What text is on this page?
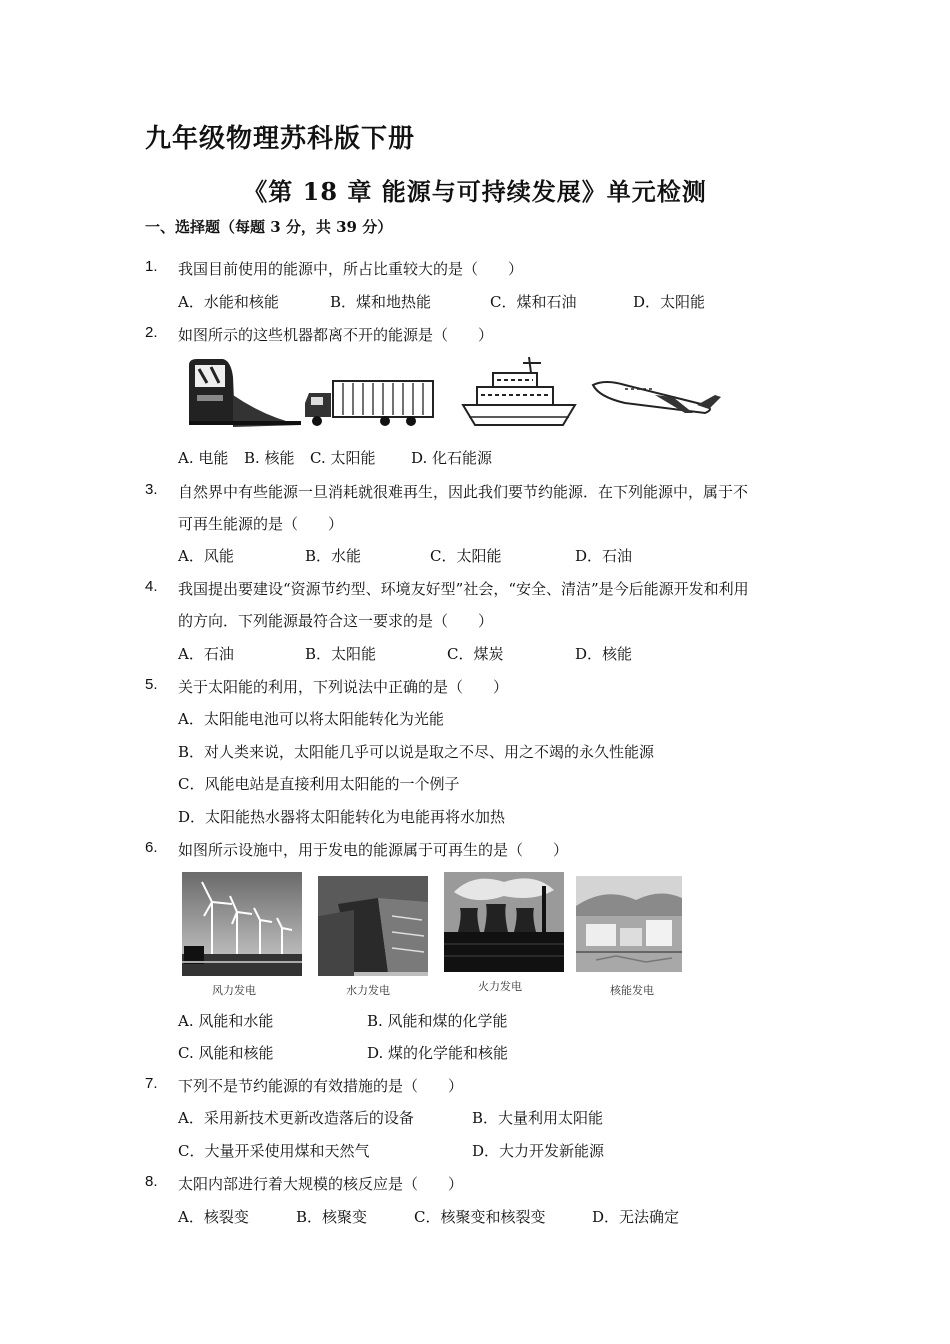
九年级物理苏科版下册
《第 18 章 能源与可持续发展》单元检测
一、选择题（每题 3 分，共 39 分）
1. 我国目前使用的能源中，所占比重较大的是（　　）
A．水能和核能	B．煤和地热能	C．煤和石油	D．太阳能
2. 如图所示的这些机器都离不开的能源是（　　）
A. 电能 B. 核能 C. 太阳能 D. 化石能源
3. 自然界中有些能源一旦消耗就很难再生，因此我们要节约能源．在下列能源中，属于不
可再生能源的是（　　）
A．风能	B．水能	C．太阳能	D．石油
4. 我国提出要建设“资源节约型、环境友好型”社会，“安全、清洁”是今后能源开发和利用
的方向．下列能源最符合这一要求的是（　　）
A．石油	B．太阳能	C．煤炭	D．核能
5. 关于太阳能的利用，下列说法中正确的是（　　）
A．太阳能电池可以将太阳能转化为光能
B．对人类来说，太阳能几乎可以说是取之不尽、用之不竭的永久性能源
C．风能电站是直接利用太阳能的一个例子
D．太阳能热水器将太阳能转化为电能再将水加热
6. 如图所示设施中，用于发电的能源属于可再生的是（　　）
风力发电	水力发电	火力发电	核能发电
A. 风能和水能	B. 风能和煤的化学能
C. 风能和核能	D. 煤的化学能和核能
7. 下列不是节约能源的有效措施的是（　　）
A．采用新技术更新改造落后的设备	B．大量利用太阳能
C．大量开采使用煤和天然气	D．大力开发新能源
8. 太阳内部进行着大规模的核反应是（　　）
A．核裂变	B．核聚变	C．核聚变和核裂变	D．无法确定
